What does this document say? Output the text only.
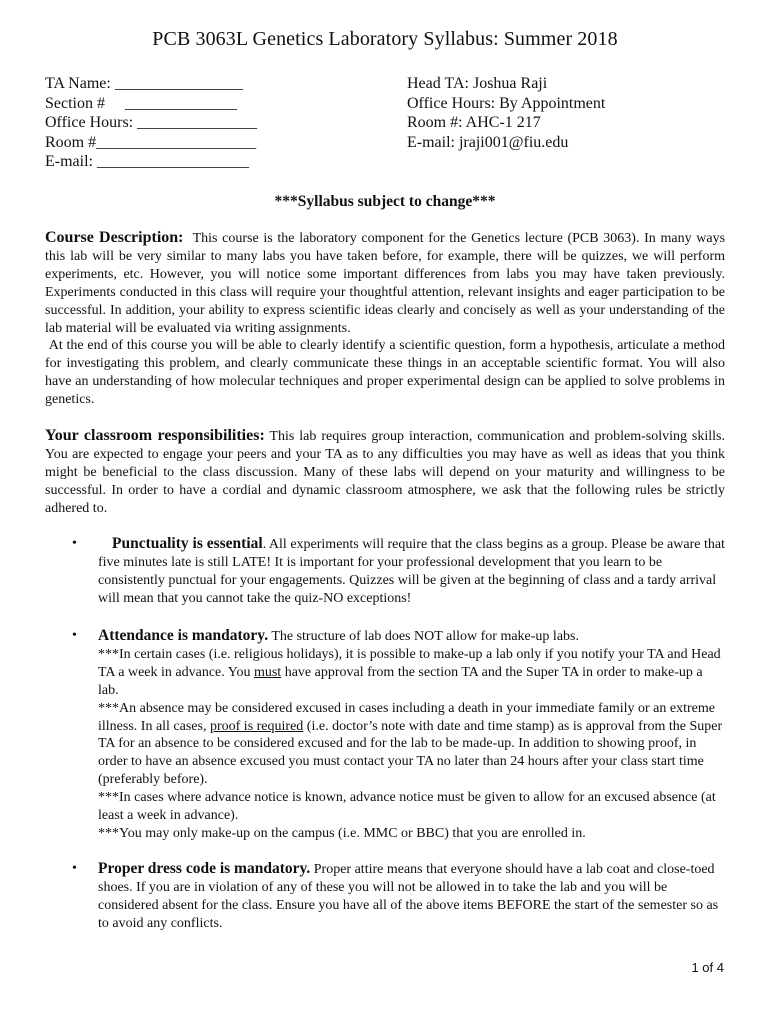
PCB 3063L Genetics Laboratory Syllabus: Summer 2018
TA Name: ________________
Section #     ______________
Office Hours: _______________
Room #____________________
E-mail: ___________________
Head TA: Joshua Raji
Office Hours: By Appointment
Room #: AHC-1 217
E-mail: jraji001@fiu.edu
***Syllabus subject to change***
Course Description: This course is the laboratory component for the Genetics lecture (PCB 3063). In many ways this lab will be very similar to many labs you have taken before, for example, there will be quizzes, we will perform experiments, etc. However, you will notice some important differences from labs you may have taken previously. Experiments conducted in this class will require your thoughtful attention, relevant insights and eager participation to be successful. In addition, your ability to express scientific ideas clearly and concisely as well as your understanding of the lab material will be evaluated via writing assignments.
At the end of this course you will be able to clearly identify a scientific question, form a hypothesis, articulate a method for investigating this problem, and clearly communicate these things in an acceptable scientific format. You will also have an understanding of how molecular techniques and proper experimental design can be applied to solve problems in genetics.
Your classroom responsibilities: This lab requires group interaction, communication and problem-solving skills. You are expected to engage your peers and your TA as to any difficulties you may have as well as ideas that you think might be beneficial to the class discussion. Many of these labs will depend on your maturity and willingness to be successful. In order to have a cordial and dynamic classroom atmosphere, we ask that the following rules be strictly adhered to.
• Punctuality is essential. All experiments will require that the class begins as a group. Please be aware that five minutes late is still LATE! It is important for your professional development that you learn to be consistently punctual for your engagements. Quizzes will be given at the beginning of class and a tardy arrival will mean that you cannot take the quiz-NO exceptions!
• Attendance is mandatory. The structure of lab does NOT allow for make-up labs.
***In certain cases (i.e. religious holidays), it is possible to make-up a lab only if you notify your TA and Head TA a week in advance. You must have approval from the section TA and the Super TA in order to make-up a lab.
***An absence may be considered excused in cases including a death in your immediate family or an extreme illness. In all cases, proof is required (i.e. doctor’s note with date and time stamp) as is approval from the Super TA for an absence to be considered excused and for the lab to be made-up. In addition to showing proof, in order to have an absence excused you must contact your TA no later than 24 hours after your class start time (preferably before).
***In cases where advance notice is known, advance notice must be given to allow for an excused absence (at least a week in advance).
***You may only make-up on the campus (i.e. MMC or BBC) that you are enrolled in.
• Proper dress code is mandatory. Proper attire means that everyone should have a lab coat and close-toed shoes. If you are in violation of any of these you will not be allowed in to take the lab and you will be considered absent for the class. Ensure you have all of the above items BEFORE the start of the semester so as to avoid any conflicts.
1 of 4
